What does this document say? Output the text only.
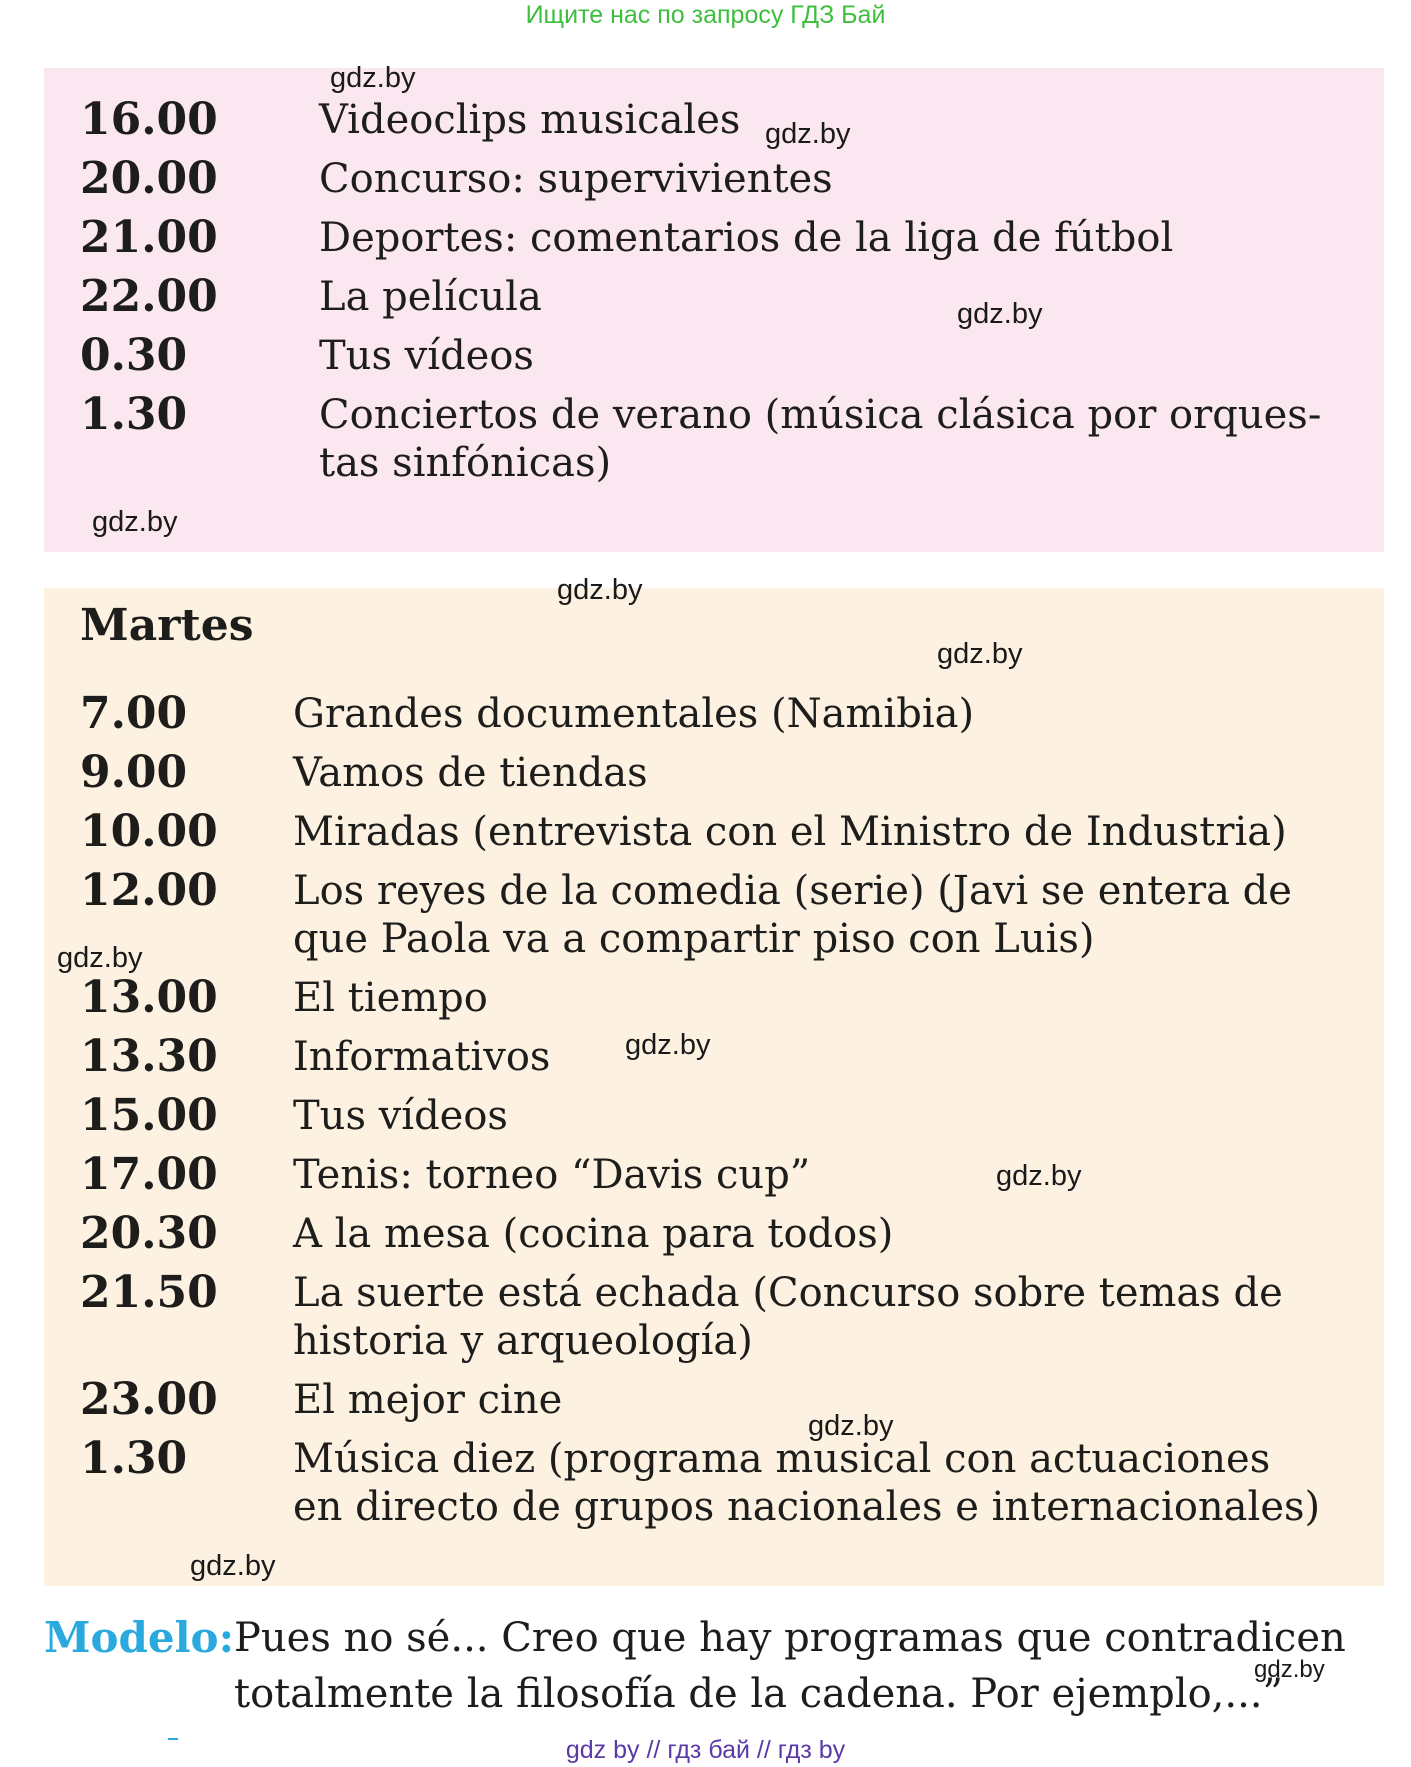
Ищите нас по запросу ГДЗ Бай
16.00	Videoclips musicales
20.00	Concurso: supervivientes
21.00	Deportes: comentarios de la liga de fútbol
22.00	La película
0.30	Tus vídeos
1.30	Conciertos de verano (música clásica por orques-
tas sinfónicas)
Martes
7.00	Grandes documentales (Namibia)
9.00	Vamos de tiendas
10.00 Miradas (entrevista con el Ministro de Industria)
12.00 Los reyes de la comedia (serie) (Javi se entera de
que Paola va a compartir piso con Luis)
13.00 El tiempo
13.30 Informativos
15.00 Tus vídeos
17.00 Tenis: torneo “Davis cup”
20.30 A la mesa (cocina para todos)
21.50 La suerte está echada (Concurso sobre temas de
historia y arqueología)
23.00 El mejor cine
1.30	Música diez (programa musical con actuaciones
en directo de grupos nacionales e internacionales)
Modelo: Pues no sé... Creo que hay programas que contradicen
totalmente la filosofía de la cadena. Por ejemplo,...”
gdz by // гдз бай // гдз by
gdz.by
gdz.by
gdz.by
gdz.by
gdz.by
gdz.by
gdz.by
gdz.by
gdz.by
gdz.by
gdz.by
gdz.by
